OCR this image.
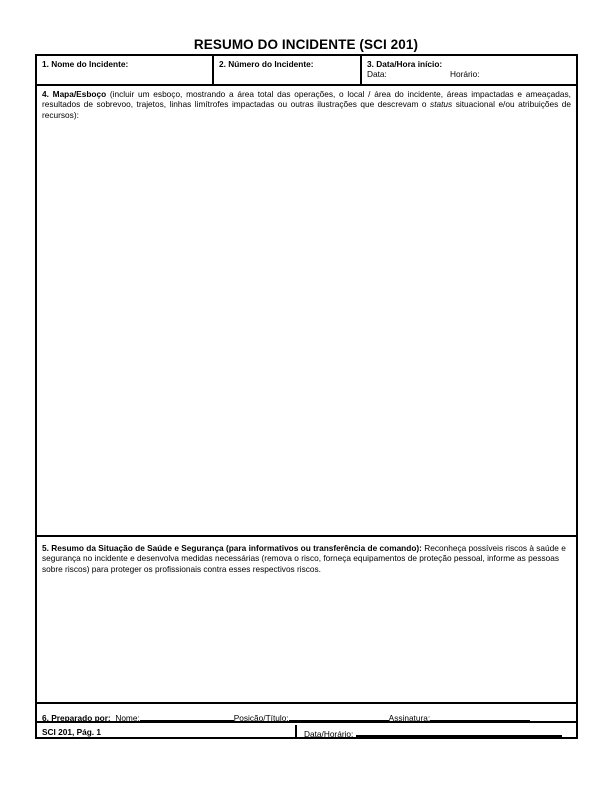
RESUMO DO INCIDENTE (SCI 201)
1. Nome do Incidente:	2. Número do Incidente:	3. Data/Hora início:
Data:	Horário:
4. Mapa/Esboço (incluir um esboço, mostrando a área total das operações, o local / área do incidente, áreas impactadas e ameaçadas, resultados de sobrevoo, trajetos, linhas limítrofes impactadas ou outras ilustrações que descrevam o status situacional e/ou atribuições de recursos):
5. Resumo da Situação de Saúde e Segurança (para informativos ou transferência de comando): Reconheça possíveis riscos à saúde e segurança no incidente e desenvolva medidas necessárias (remova o risco, forneça equipamentos de proteção pessoal, informe as pessoas sobre riscos) para proteger os profissionais contra esses respectivos riscos.
6. Preparado por: Nome:	Posição/Título:	Assinatura:
SCI 201, Pág. 1	Data/Horário:
